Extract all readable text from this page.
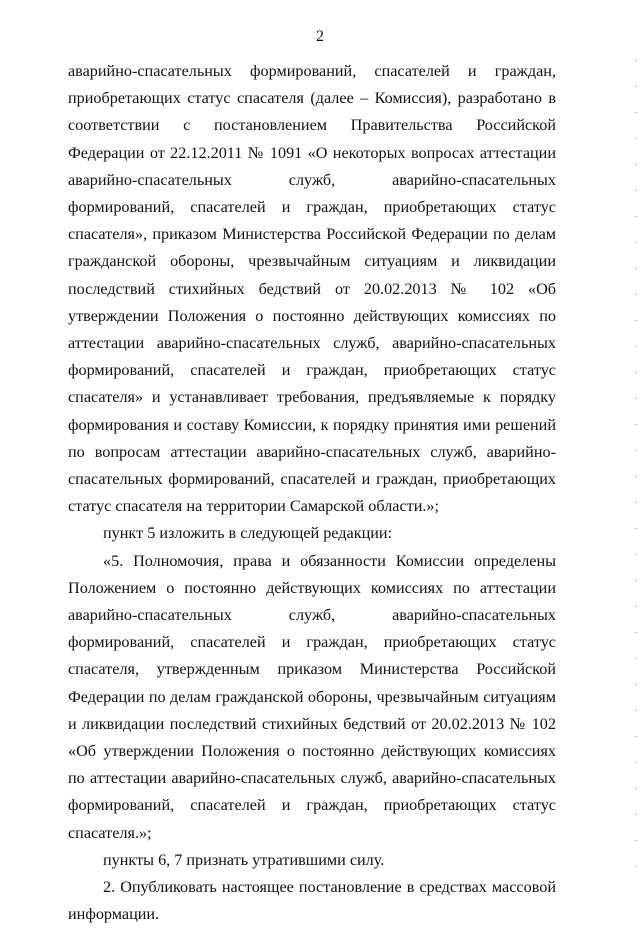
2

аварийно-спасательных формирований, спасателей и граждан, приобретающих статус спасателя (далее – Комиссия), разработано в соответствии с постановлением Правительства Российской Федерации от 22.12.2011 № 1091 «О некоторых вопросах аттестации аварийно-спасательных служб, аварийно-спасательных формирований, спасателей и граждан, приобретающих статус спасателя», приказом Министерства Российской Федерации по делам гражданской обороны, чрезвычайным ситуациям и ликвидации последствий стихийных бедствий от 20.02.2013 № 102 «Об утверждении Положения о постоянно действующих комиссиях по аттестации аварийно-спасательных служб, аварийно-спасательных формирований, спасателей и граждан, приобретающих статус спасателя» и устанавливает требования, предъявляемые к порядку формирования и составу Комиссии, к порядку принятия ими решений по вопросам аттестации аварийно-спасательных служб, аварийно-спасательных формирований, спасателей и граждан, приобретающих статус спасателя на территории Самарской области.»;

пункт 5 изложить в следующей редакции:

«5. Полномочия, права и обязанности Комиссии определены Положением о постоянно действующих комиссиях по аттестации аварийно-спасательных служб, аварийно-спасательных формирований, спасателей и граждан, приобретающих статус спасателя, утвержденным приказом Министерства Российской Федерации по делам гражданской обороны, чрезвычайным ситуациям и ликвидации последствий стихийных бедствий от 20.02.2013 № 102 «Об утверждении Положения о постоянно действующих комиссиях по аттестации аварийно-спасательных служб, аварийно-спасательных формирований, спасателей и граждан, приобретающих статус спасателя.»;

пункты 6, 7 признать утратившими силу.

2. Опубликовать настоящее постановление в средствах массовой информации.
